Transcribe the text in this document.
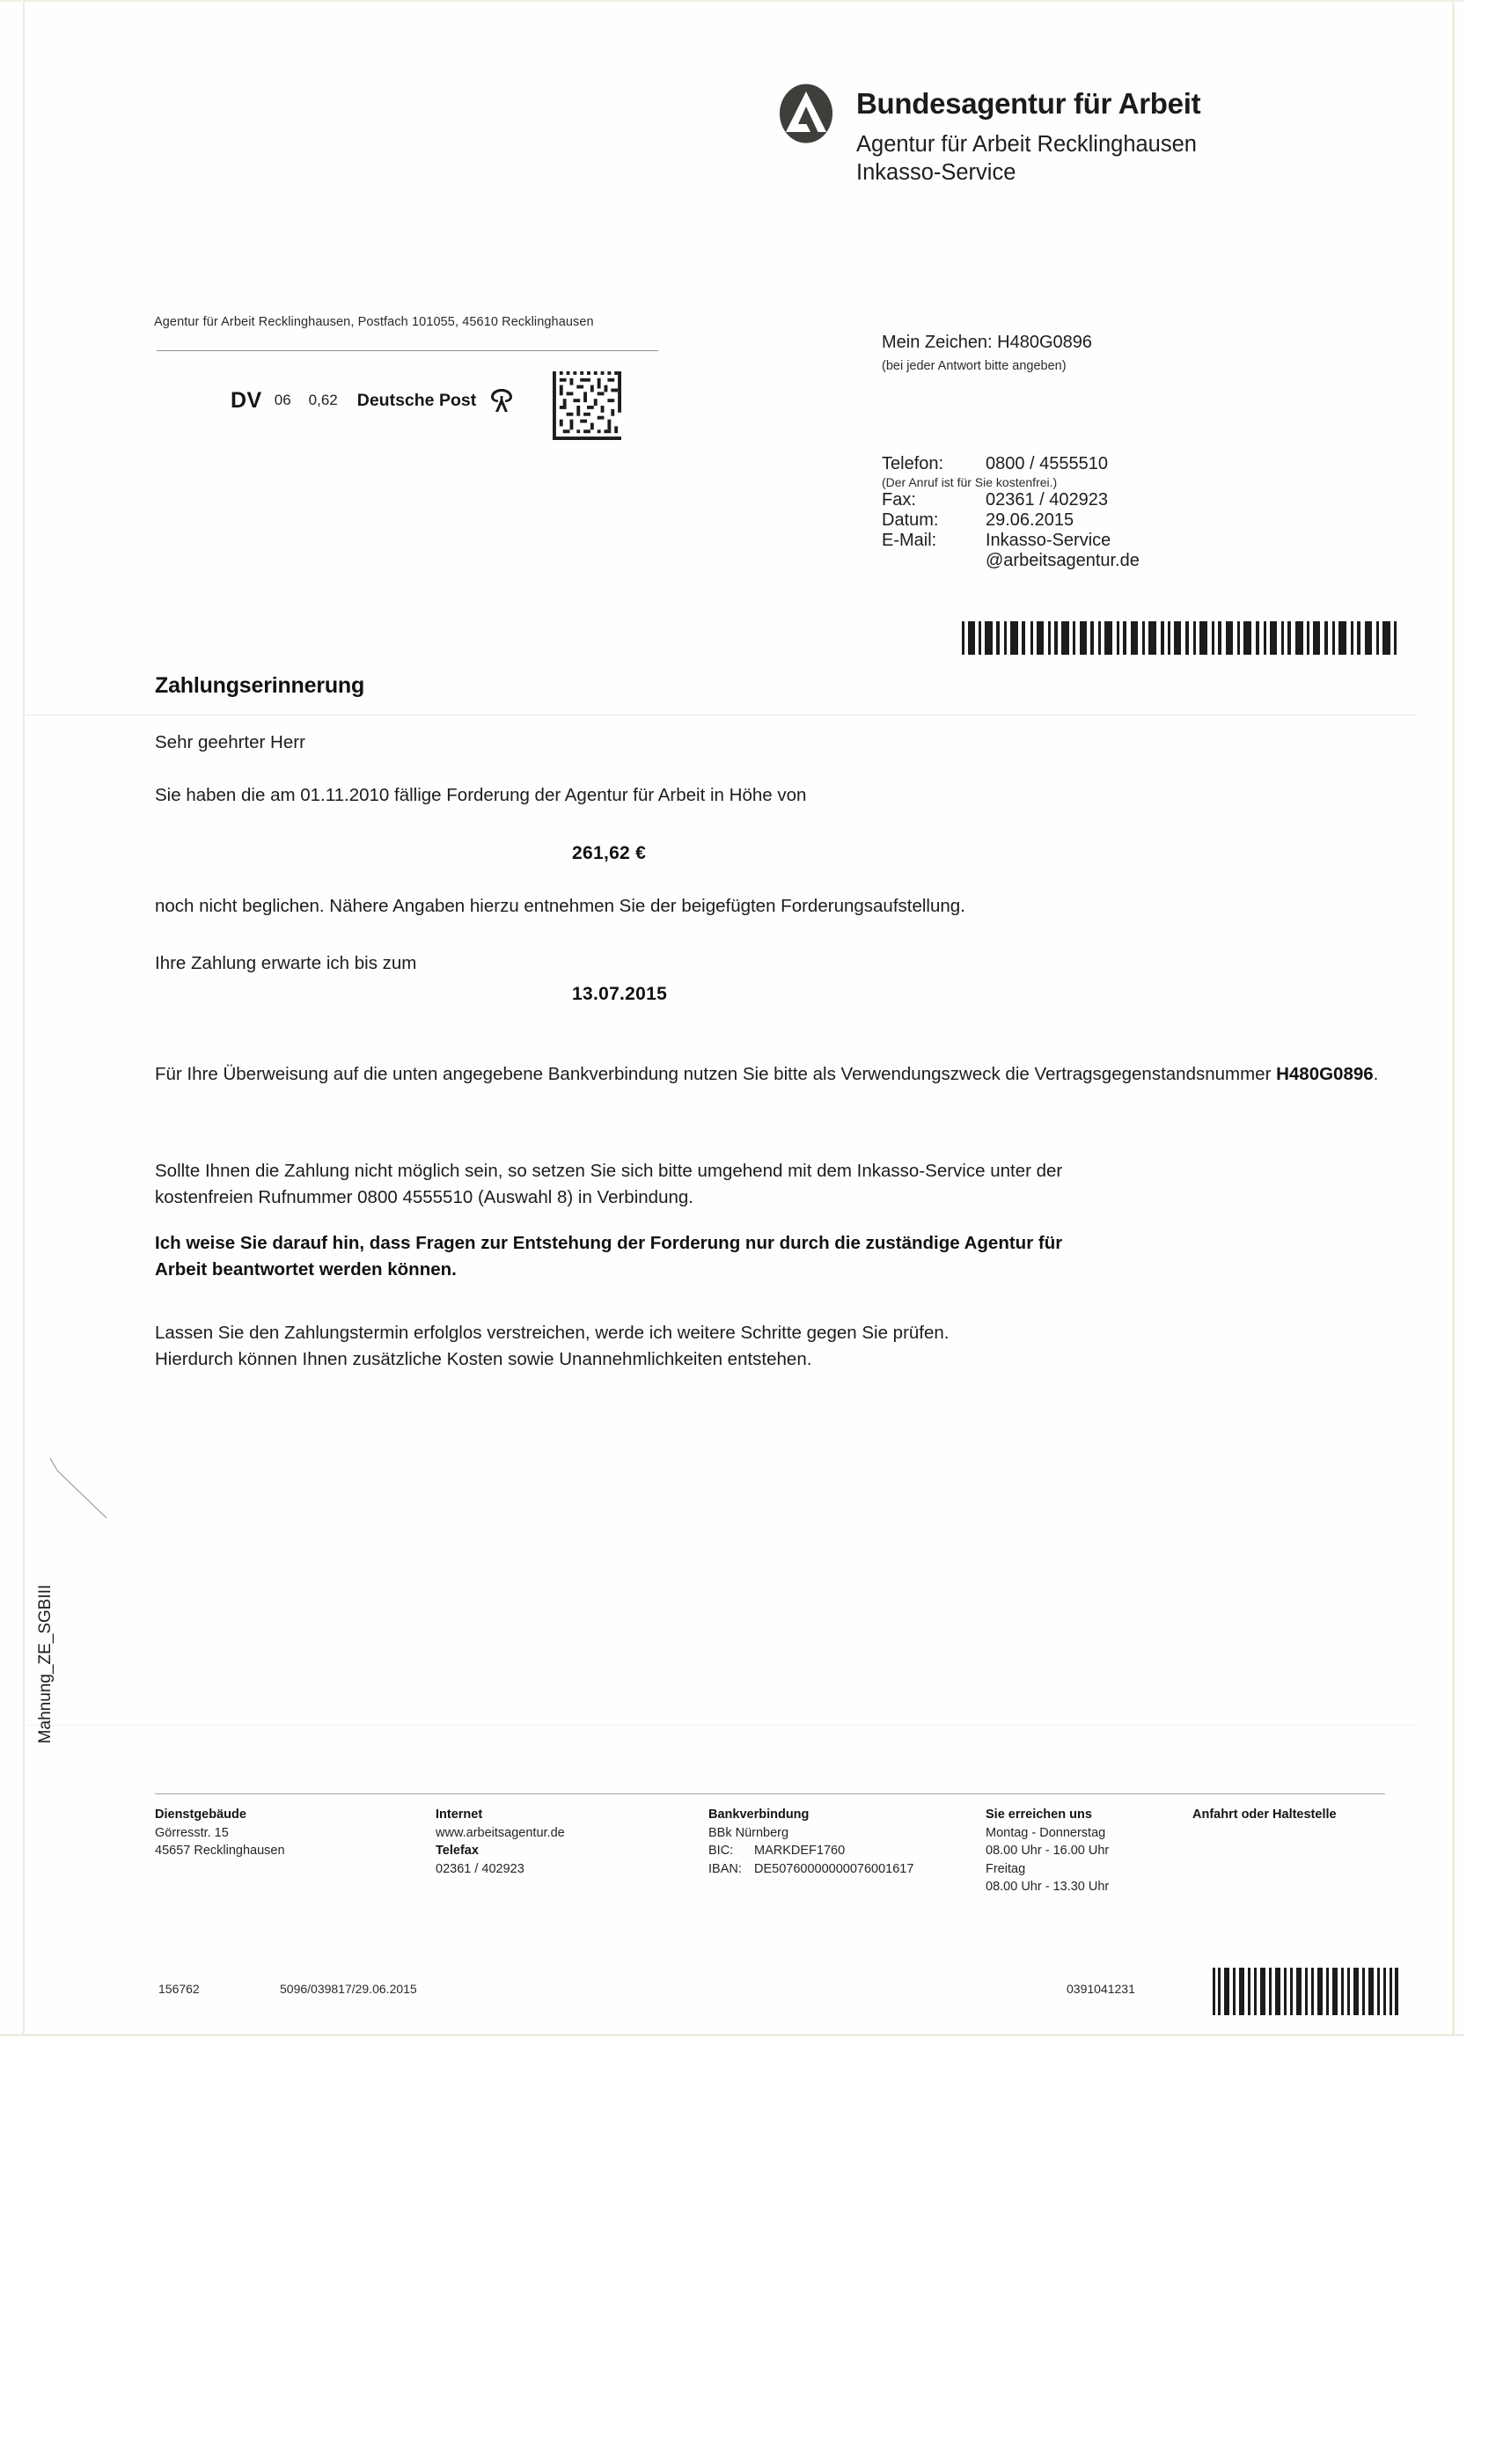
Bundesagentur für Arbeit
Agentur für Arbeit Recklinghausen
Inkasso-Service
Agentur für Arbeit Recklinghausen, Postfach 101055, 45610 Recklinghausen
DV 06 0,62 Deutsche Post
Mein Zeichen: H480G0896
(bei jeder Antwort bitte angeben)
Telefon:	0800 / 4555510
(Der Anruf ist für Sie kostenfrei.)
Fax:	02361 / 402923
Datum:	29.06.2015
E-Mail:	Inkasso-Service
@arbeitsagentur.de
Zahlungserinnerung
Sehr geehrter Herr
Sie haben die am 01.11.2010 fällige Forderung der Agentur für Arbeit in Höhe von
261,62 €
noch nicht beglichen. Nähere Angaben hierzu entnehmen Sie der beigefügten Forderungsaufstellung.
Ihre Zahlung erwarte ich bis zum
13.07.2015
Für Ihre Überweisung auf die unten angegebene Bankverbindung nutzen Sie bitte als Verwendungszweck die Vertragsgegenstandsnummer H480G0896.
Sollte Ihnen die Zahlung nicht möglich sein, so setzen Sie sich bitte umgehend mit dem Inkasso-Service unter der
kostenfreien Rufnummer 0800 4555510 (Auswahl 8) in Verbindung.
Ich weise Sie darauf hin, dass Fragen zur Entstehung der Forderung nur durch die zuständige Agentur für
Arbeit beantwortet werden können.
Lassen Sie den Zahlungstermin erfolglos verstreichen, werde ich weitere Schritte gegen Sie prüfen.
Hierdurch können Ihnen zusätzliche Kosten sowie Unannehmlichkeiten entstehen.
Mahnung_ZE_SGBIII
Dienstgebäude
Görresstr. 15
45657 Recklinghausen
Internet
www.arbeitsagentur.de
Telefax
02361 / 402923
Bankverbindung
BBk Nürnberg
BIC:	MARKDEF1760
IBAN: DE50760000000076001617
Sie erreichen uns
Montag - Donnerstag
08.00 Uhr - 16.00 Uhr
Freitag
08.00 Uhr - 13.30 Uhr
Anfahrt oder Haltestelle
156762	5096/039817/29.06.2015	0391041231
